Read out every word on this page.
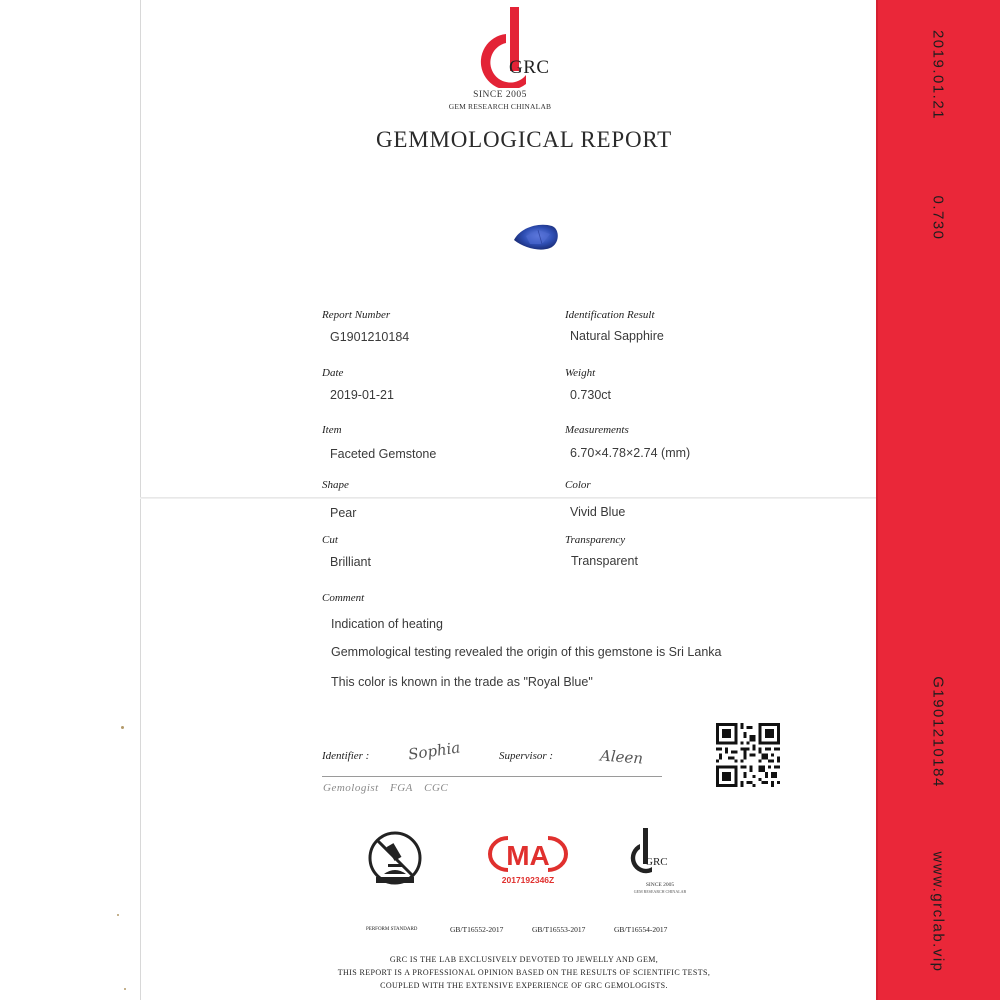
GRC
SINCE 2005
GEM RESEARCH CHINALAB
GEMMOLOGICAL REPORT
Report Number
G1901210184
Identification Result
Natural Sapphire
Date
2019-01-21
Weight
0.730ct
Item
Faceted Gemstone
Measurements
6.70×4.78×2.74 (mm)
Shape
Pear
Color
Vivid Blue
Cut
Brilliant
Transparency
Transparent
Comment
Indication of heating
Gemmological testing revealed the origin of this gemstone is Sri Lanka
This color is known in the trade as "Royal Blue"
Identifier :	Sophia	Supervisor :	Aleen
Gemologist FGA CGC
MA
2017192346Z
GRC
SINCE 2005
GEM RESEARCH CHINALAB
PERFORM STANDARD	GB/T16552-2017	GB/T16553-2017	GB/T16554-2017
GRC IS THE LAB EXCLUSIVELY DEVOTED TO JEWELLY AND GEM,
THIS REPORT IS A PROFESSIONAL OPINION BASED ON THE RESULTS OF SCIENTIFIC TESTS,
COUPLED WITH THE EXTENSIVE EXPERIENCE OF GRC GEMOLOGISTS.
2019.01.21
0.730
G1901210184
www.grclab.vip
